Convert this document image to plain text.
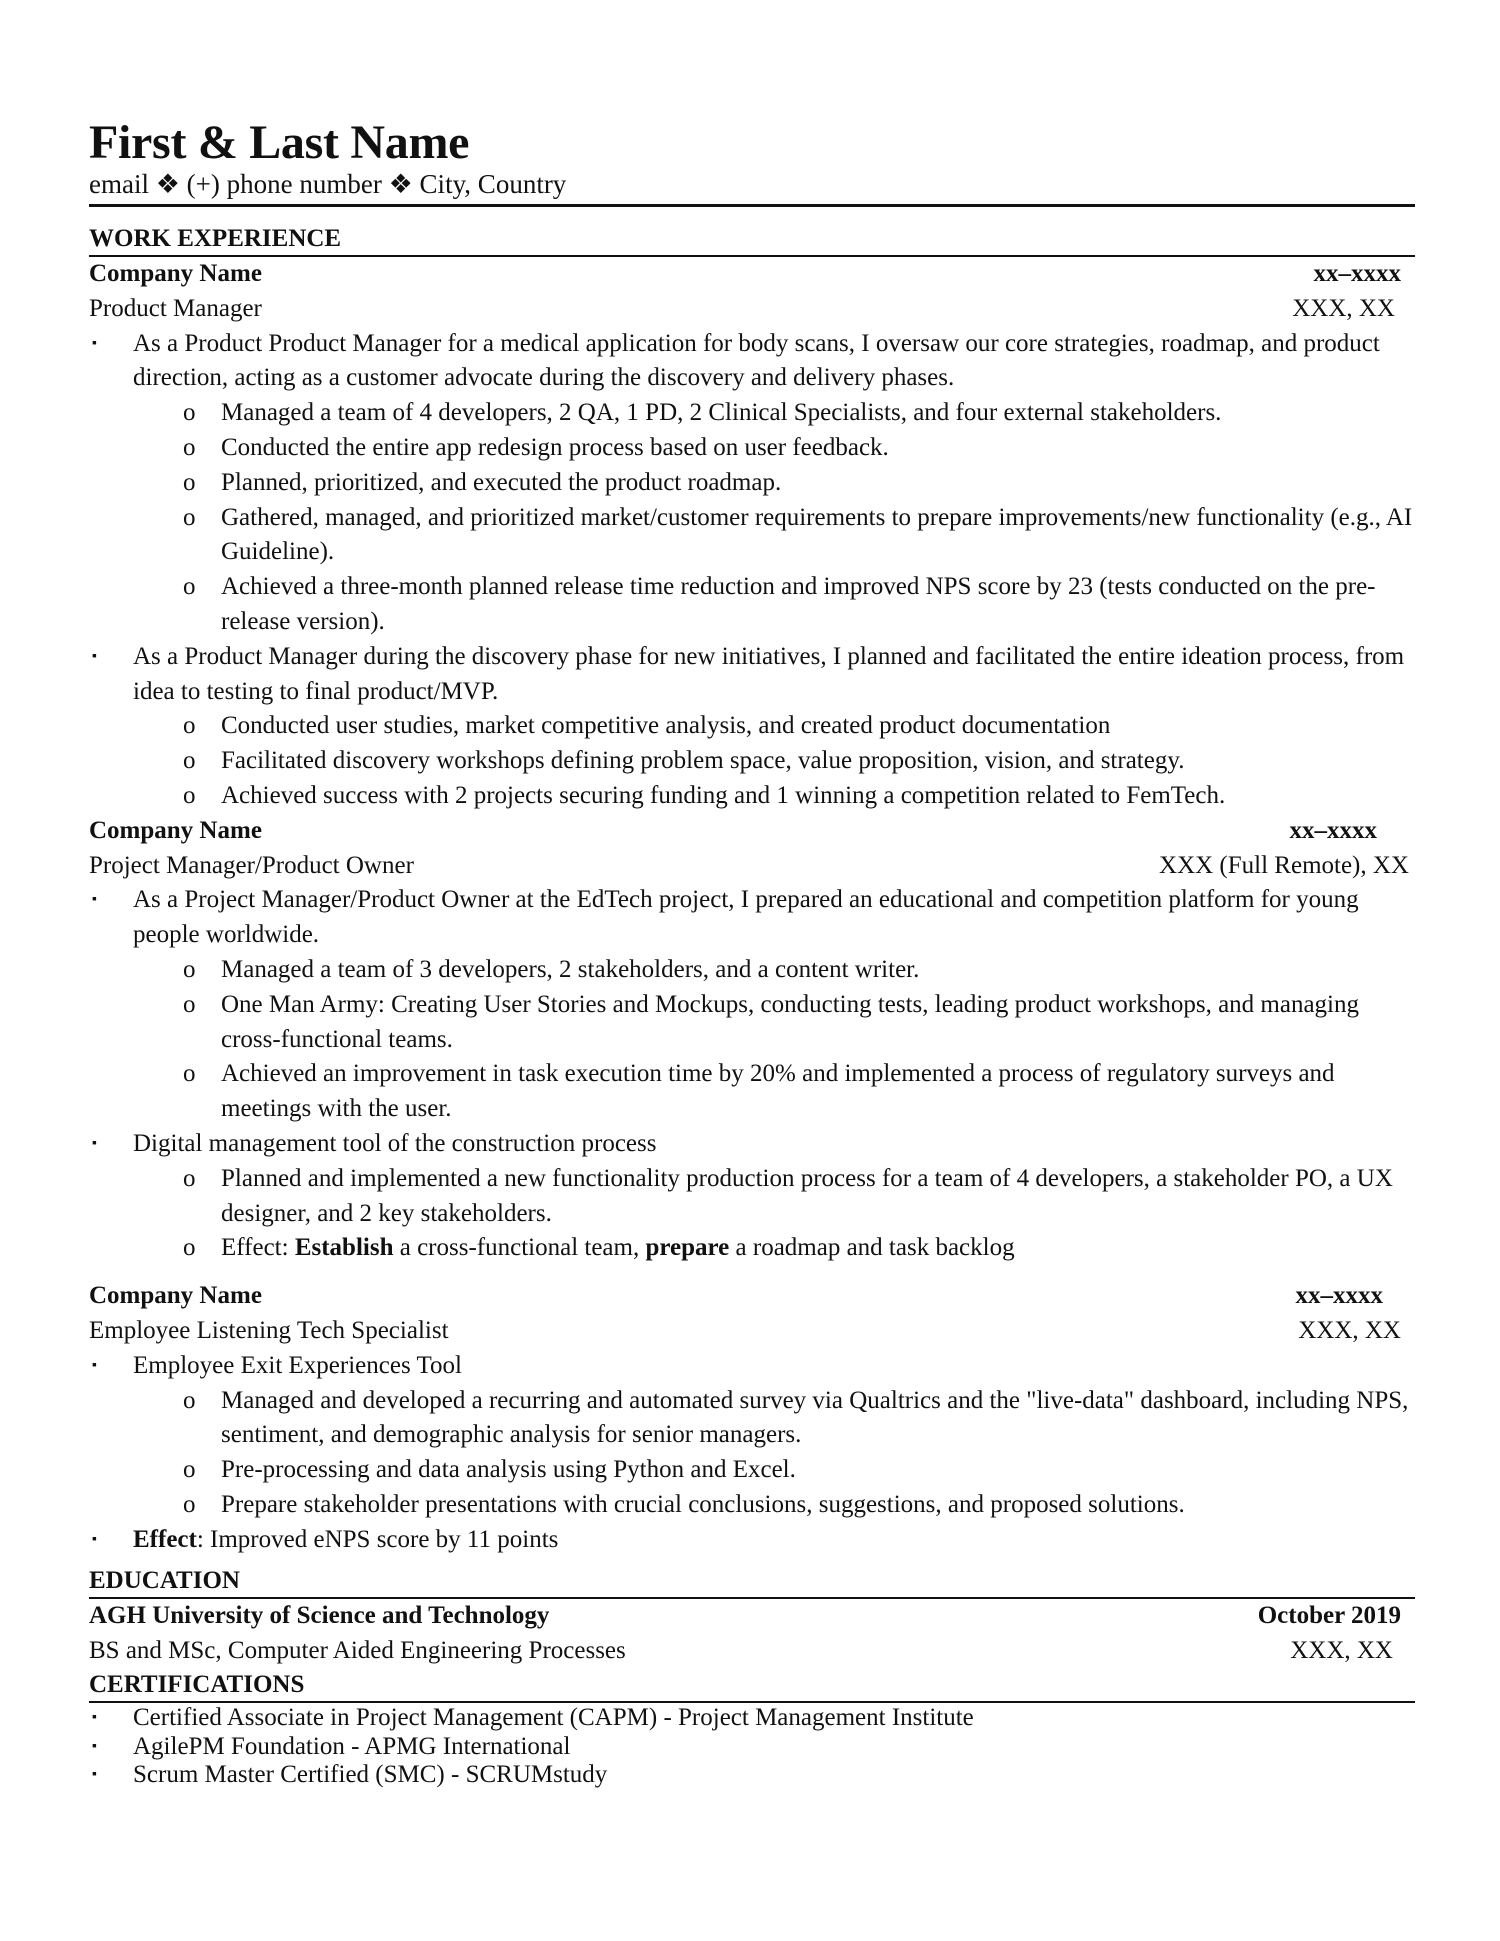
First & Last Name
email ❖ (+) phone number ❖ City, Country
WORK EXPERIENCE
Company Name	xx–xxxx
Product Manager	XXX, XX
▪ As a Product Product Manager for a medical application for body scans, I oversaw our core strategies, roadmap, and product direction, acting as a customer advocate during the discovery and delivery phases.
o Managed a team of 4 developers, 2 QA, 1 PD, 2 Clinical Specialists, and four external stakeholders.
o Conducted the entire app redesign process based on user feedback.
o Planned, prioritized, and executed the product roadmap.
o Gathered, managed, and prioritized market/customer requirements to prepare improvements/new functionality (e.g., AI Guideline).
o Achieved a three-month planned release time reduction and improved NPS score by 23 (tests conducted on the pre-release version).
▪ As a Product Manager during the discovery phase for new initiatives, I planned and facilitated the entire ideation process, from idea to testing to final product/MVP.
o Conducted user studies, market competitive analysis, and created product documentation
o Facilitated discovery workshops defining problem space, value proposition, vision, and strategy.
o Achieved success with 2 projects securing funding and 1 winning a competition related to FemTech.
Company Name	xx–xxxx
Project Manager/Product Owner	XXX (Full Remote), XX
▪ As a Project Manager/Product Owner at the EdTech project, I prepared an educational and competition platform for young people worldwide.
o Managed a team of 3 developers, 2 stakeholders, and a content writer.
o One Man Army: Creating User Stories and Mockups, conducting tests, leading product workshops, and managing cross-functional teams.
o Achieved an improvement in task execution time by 20% and implemented a process of regulatory surveys and meetings with the user.
▪ Digital management tool of the construction process
o Planned and implemented a new functionality production process for a team of 4 developers, a stakeholder PO, a UX designer, and 2 key stakeholders.
o Effect: Establish a cross-functional team, prepare a roadmap and task backlog
Company Name	xx–xxxx
Employee Listening Tech Specialist	XXX, XX
▪ Employee Exit Experiences Tool
o Managed and developed a recurring and automated survey via Qualtrics and the "live-data" dashboard, including NPS, sentiment, and demographic analysis for senior managers.
o Pre-processing and data analysis using Python and Excel.
o Prepare stakeholder presentations with crucial conclusions, suggestions, and proposed solutions.
▪ Effect: Improved eNPS score by 11 points
EDUCATION
AGH University of Science and Technology	October 2019
BS and MSc, Computer Aided Engineering Processes	XXX, XX
CERTIFICATIONS
▪ Certified Associate in Project Management (CAPM) - Project Management Institute
▪ AgilePM Foundation - APMG International
▪ Scrum Master Certified (SMC) - SCRUMstudy
